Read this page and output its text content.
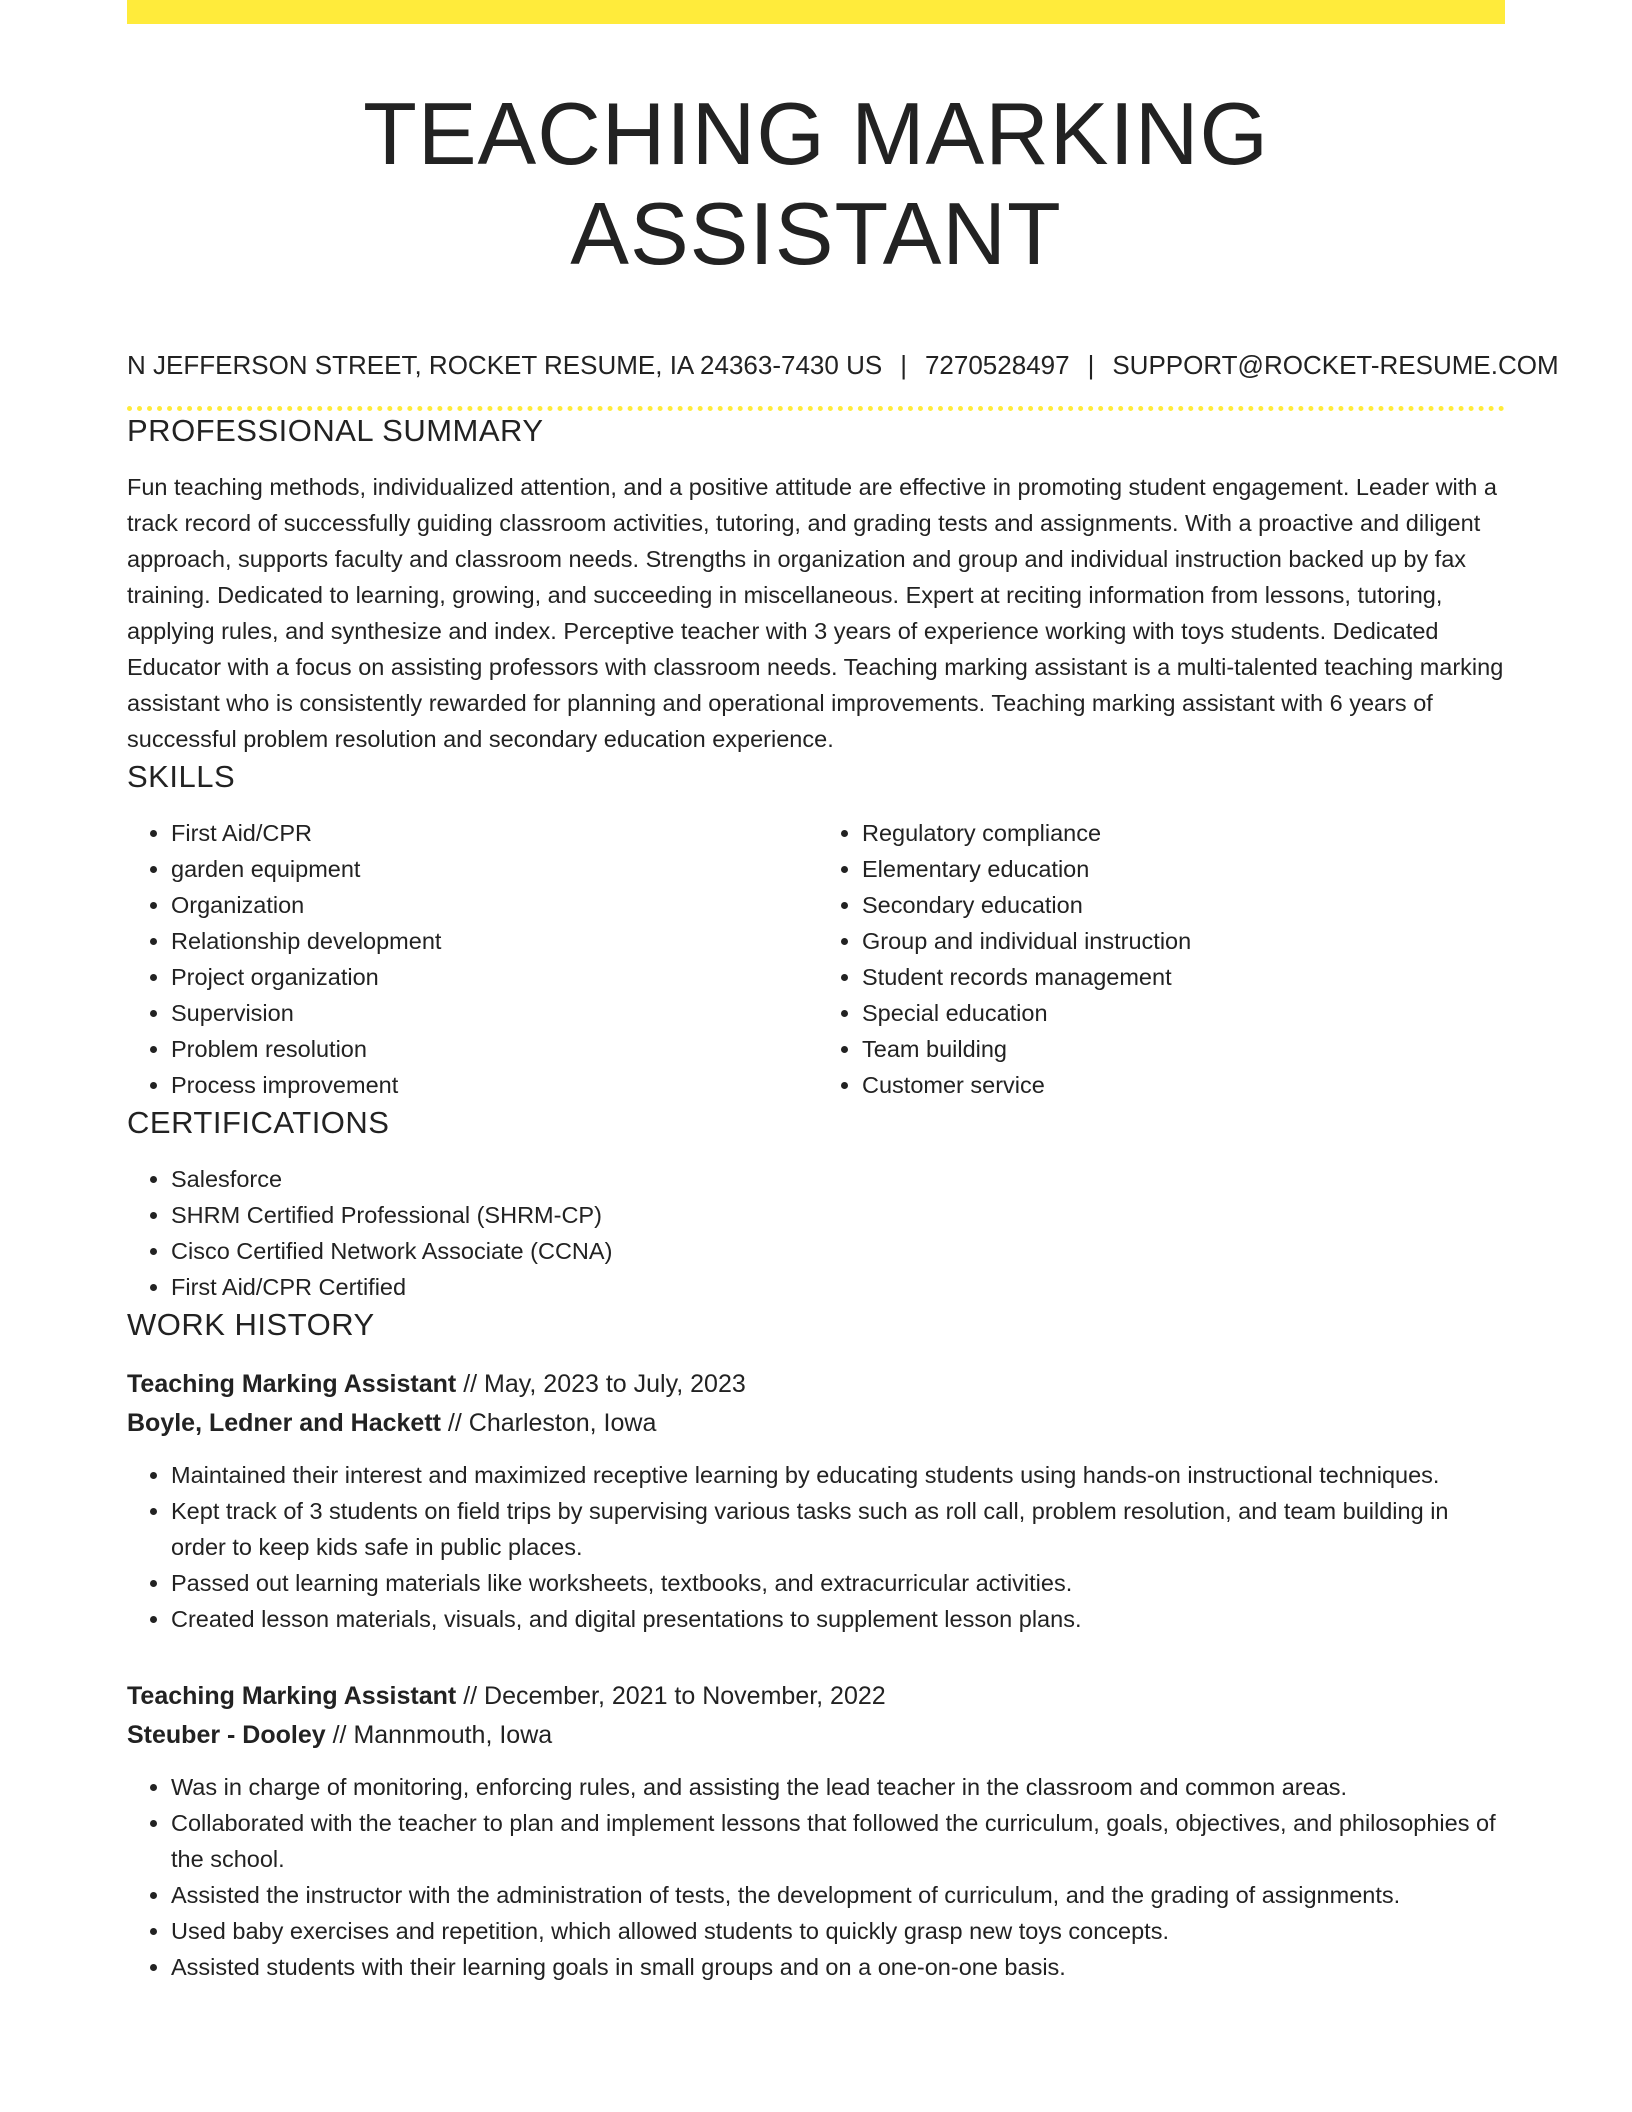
TEACHING MARKING ASSISTANT
N JEFFERSON STREET, ROCKET RESUME, IA 24363-7430 US | 7270528497 | SUPPORT@ROCKET-RESUME.COM
PROFESSIONAL SUMMARY
Fun teaching methods, individualized attention, and a positive attitude are effective in promoting student engagement. Leader with a track record of successfully guiding classroom activities, tutoring, and grading tests and assignments. With a proactive and diligent approach, supports faculty and classroom needs. Strengths in organization and group and individual instruction backed up by fax training. Dedicated to learning, growing, and succeeding in miscellaneous. Expert at reciting information from lessons, tutoring, applying rules, and synthesize and index. Perceptive teacher with 3 years of experience working with toys students. Dedicated Educator with a focus on assisting professors with classroom needs. Teaching marking assistant is a multi-talented teaching marking assistant who is consistently rewarded for planning and operational improvements. Teaching marking assistant with 6 years of successful problem resolution and secondary education experience.
SKILLS
• First Aid/CPR
• garden equipment
• Organization
• Relationship development
• Project organization
• Supervision
• Problem resolution
• Process improvement
• Regulatory compliance
• Elementary education
• Secondary education
• Group and individual instruction
• Student records management
• Special education
• Team building
• Customer service
CERTIFICATIONS
• Salesforce
• SHRM Certified Professional (SHRM-CP)
• Cisco Certified Network Associate (CCNA)
• First Aid/CPR Certified
WORK HISTORY
Teaching Marking Assistant // May, 2023 to July, 2023
Boyle, Ledner and Hackett // Charleston, Iowa
• Maintained their interest and maximized receptive learning by educating students using hands-on instructional techniques.
• Kept track of 3 students on field trips by supervising various tasks such as roll call, problem resolution, and team building in order to keep kids safe in public places.
• Passed out learning materials like worksheets, textbooks, and extracurricular activities.
• Created lesson materials, visuals, and digital presentations to supplement lesson plans.
Teaching Marking Assistant // December, 2021 to November, 2022
Steuber - Dooley // Mannmouth, Iowa
• Was in charge of monitoring, enforcing rules, and assisting the lead teacher in the classroom and common areas.
• Collaborated with the teacher to plan and implement lessons that followed the curriculum, goals, objectives, and philosophies of the school.
• Assisted the instructor with the administration of tests, the development of curriculum, and the grading of assignments.
• Used baby exercises and repetition, which allowed students to quickly grasp new toys concepts.
• Assisted students with their learning goals in small groups and on a one-on-one basis.
